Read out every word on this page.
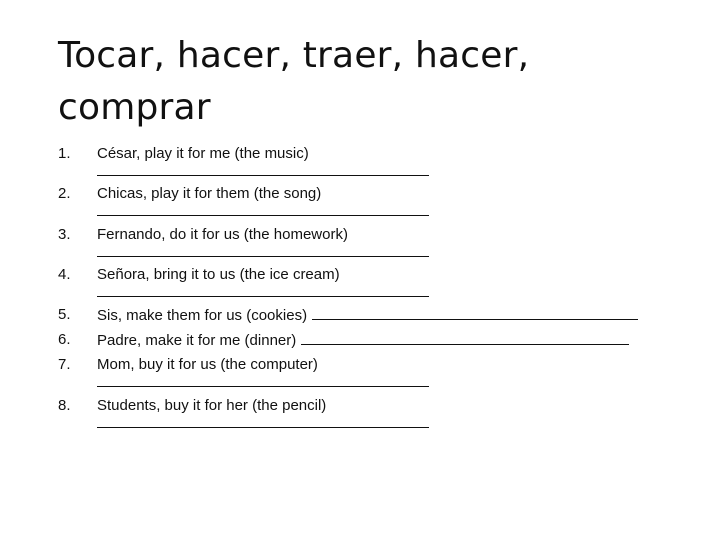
Tocar, hacer, traer, hacer,
comprar
1. César, play it for me (the music)
2. Chicas, play it for them (the song)
3. Fernando, do it for us (the homework)
4. Señora, bring it to us (the ice cream)
5. Sis, make them for us (cookies)
6. Padre, make it for me (dinner)
7. Mom, buy it for us (the computer)
8. Students, buy it for her (the pencil)
